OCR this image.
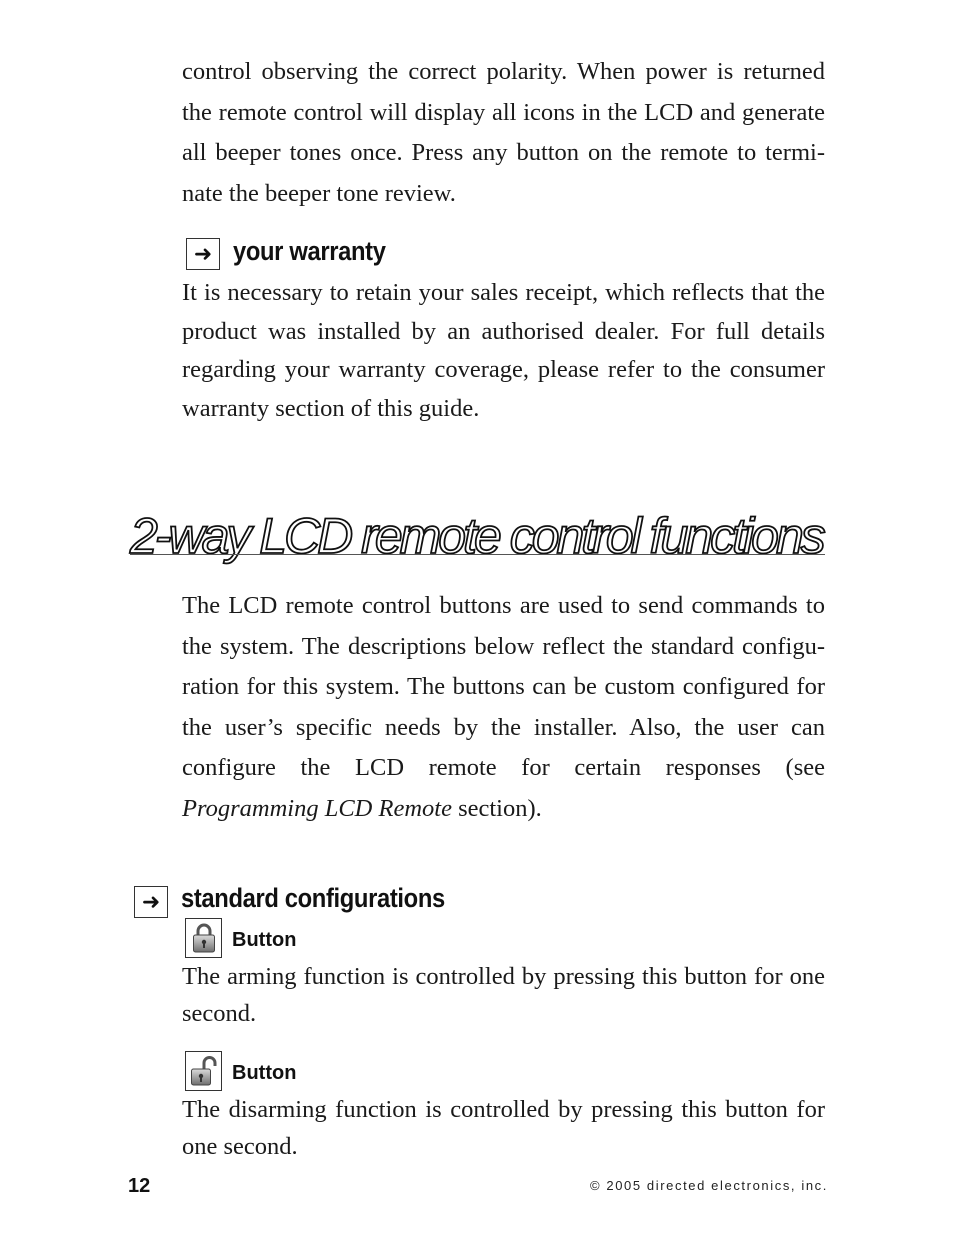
control observing the correct polarity. When power is returned the remote control will display all icons in the LCD and generate all beeper tones once. Press any button on the remote to termi-nate the beeper tone review.

➜ your warranty

It is necessary to retain your sales receipt, which reflects that the product was installed by an authorised dealer. For full details regarding your warranty coverage, please refer to the consumer warranty section of this guide.

2-way LCD remote control functions

The LCD remote control buttons are used to send commands to the system. The descriptions below reflect the standard configu-ration for this system. The buttons can be custom configured for the user’s specific needs by the installer. Also, the user can configure the LCD remote for certain responses (see Programming LCD Remote section).

➜ standard configurations
Button

The arming function is controlled by pressing this button for one second.

Button

The disarming function is controlled by pressing this button for one second.

12	© 2005 directed electronics, inc.
